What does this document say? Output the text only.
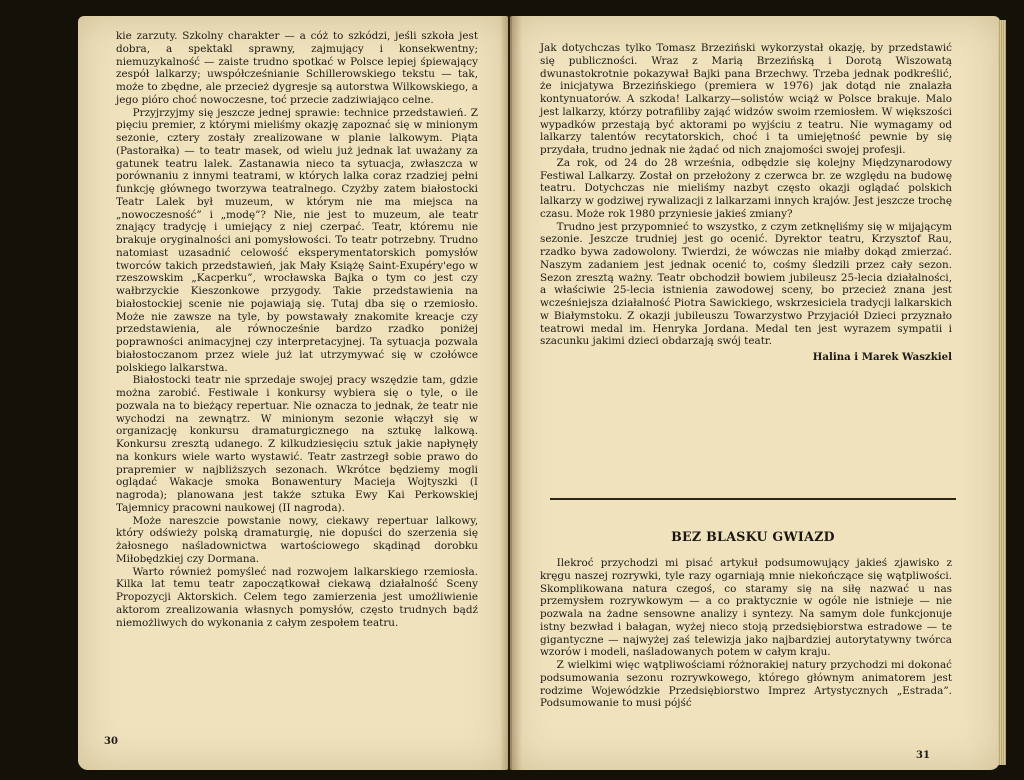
kie zarzuty. Szkolny charakter — a cóż to szkódzi, jeśli szkoła jest dobra, a spektakl sprawny, zajmujący i konsekwentny; niemuzykalność — zaiste trudno spotkać w Polsce lepiej śpiewający zespół lalkarzy; uwspółcześnianie Schillerowskiego tekstu — tak, może to zbędne, ale przecież dygresje są autorstwa Wilkowskiego, a jego pióro choć nowoczesne, toć przecie zadziwiająco celne.

Przyjrzyjmy się jeszcze jednej sprawie: technice przedstawień. Z pięciu premier, z którymi mieliśmy okazję zapoznać się w minionym sezonie, cztery zostały zrealizowane w planie lalkowym. Piąta (Pastorałka) — to teatr masek, od wielu już jednak lat uważany za gatunek teatru lalek. Zastanawia nieco ta sytuacja, zwłaszcza w porównaniu z innymi teatrami, w których lalka coraz rzadziej pełni funkcję głównego tworzywa teatralnego. Czyżby zatem białostocki Teatr Lalek był muzeum, w którym nie ma miejsca na „nowoczesność” i „modę”? Nie, nie jest to muzeum, ale teatr znający tradycję i umiejący z niej czerpać. Teatr, któremu nie brakuje oryginalności ani pomysłowości. To teatr potrzebny. Trudno natomiast uzasadnić celowość eksperymentatorskich pomysłów tworców takich przedstawień, jak Mały Książę Saint-Exupéry'ego w rzeszowskim „Kacperku”, wrocławska Bajka o tym co jest czy wałbrzyckie Kieszonkowe przygody. Takie przedstawienia na białostockiej scenie nie pojawiają się. Tutaj dba się o rzemiosło. Może nie zawsze na tyle, by powstawały znakomite kreacje czy przedstawienia, ale równocześnie bardzo rzadko poniżej poprawności animacyjnej czy interpretacyjnej. Ta sytuacja pozwala białostoczanom przez wiele już lat utrzymywać się w czołówce polskiego lalkarstwa.

Białostocki teatr nie sprzedaje swojej pracy wszędzie tam, gdzie można zarobić. Festiwale i konkursy wybiera się o tyle, o ile pozwala na to bieżący repertuar. Nie oznacza to jednak, że teatr nie wychodzi na zewnątrz. W minionym sezonie włączył się w organizację konkursu dramaturgicznego na sztukę lalkową. Konkursu zresztą udanego. Z kilkudziesięciu sztuk jakie napłynęły na konkurs wiele warto wystawić. Teatr zastrzegł sobie prawo do prapremier w najbliższych sezonach. Wkrótce będziemy mogli oglądać Wakacje smoka Bonawentury Macieja Wojtyszki (I nagroda); planowana jest także sztuka Ewy Kai Perkowskiej Tajemnicy pracowni naukowej (II nagroda).

Może nareszcie powstanie nowy, ciekawy repertuar lalkowy, który odświeży polską dramaturgię, nie dopuści do szerzenia się żałosnego naśladownictwa wartościowego skądinąd dorobku Miłobędzkiej czy Dormana.

Warto również pomyśleć nad rozwojem lalkarskiego rzemiosła. Kilka lat temu teatr zapoczątkował ciekawą działalność Sceny Propozycji Aktorskich. Celem tego zamierzenia jest umożliwienie aktorom zrealizowania własnych pomysłów, często trudnych bądź niemożliwych do wykonania z całym zespołem teatru.

30

Jak dotychczas tylko Tomasz Brzeziński wykorzystał okazję, by przedstawić się publiczności. Wraz z Marią Brzezińską i Dorotą Wiszowatą dwunastokrotnie pokazywał Bajki pana Brzechwy. Trzeba jednak podkreślić, że inicjatywa Brzezińskiego (premiera w 1976) jak dotąd nie znalazła kontynuatorów. A szkoda! Lalkarzy—solistów wciąż w Polsce brakuje. Malo jest lalkarzy, którzy potrafiliby zająć widzów swoim rzemiosłem. W większości wypadków przestają być aktorami po wyjściu z teatru. Nie wymagamy od lalkarzy talentów recytatorskich, choć i ta umiejętność pewnie by się przydała, trudno jednak nie żądać od nich znajomości swojej profesji.

Za rok, od 24 do 28 września, odbędzie się kolejny Międzynarodowy Festiwal Lalkarzy. Został on przełożony z czerwca br. ze względu na budowę teatru. Dotychczas nie mieliśmy nazbyt często okazji oglądać polskich lalkarzy w godziwej rywalizacji z lalkarzami innych krajów. Jest jeszcze trochę czasu. Może rok 1980 przyniesie jakieś zmiany?

Trudno jest przypomnieć to wszystko, z czym zetknęliśmy się w mijającym sezonie. Jeszcze trudniej jest go ocenić. Dyrektor teatru, Krzysztof Rau, rzadko bywa zadowolony. Twierdzi, że wówczas nie miałby dokąd zmierzać. Naszym zadaniem jest jednak ocenić to, cośmy śledzili przez cały sezon. Sezon zresztą ważny. Teatr obchodził bowiem jubileusz 25-lecia działalności, a właściwie 25-lecia istnienia zawodowej sceny, bo przecież znana jest wcześniejsza działalność Piotra Sawickiego, wskrzesiciela tradycji lalkarskich w Białymstoku. Z okazji jubileuszu Towarzystwo Przyjaciół Dzieci przyznało teatrowi medal im. Henryka Jordana. Medal ten jest wyrazem sympatii i szacunku jakimi dzieci obdarzają swój teatr.

Halina i Marek Waszkiel
BEZ BLASKU GWIAZD

Ilekroć przychodzi mi pisać artykuł podsumowujący jakieś zjawisko z kręgu naszej rozrywki, tyle razy ogarniają mnie niekończące się wątpliwości. Skomplikowana natura czegoś, co staramy się na siłę nazwać u nas przemysłem rozrywkowym — a co praktycznie w ogóle nie istnieje — nie pozwala na żadne sensowne analizy i syntezy. Na samym dole funkcjonuje istny bezwład i bałagan, wyżej nieco stoją przedsiębiorstwa estradowe — te gigantyczne — najwyżej zaś telewizja jako najbardziej autorytatywny twórca wzorów i modeli, naśladowanych potem w całym kraju.

Z wielkimi więc wątpliwościami różnorakiej natury przychodzi mi dokonać podsumowania sezonu rozrywkowego, którego głównym animatorem jest rodzime Wojewódzkie Przedsiębiorstwo Imprez Artystycznych „Estrada”. Podsumowanie to musi pójść

31
